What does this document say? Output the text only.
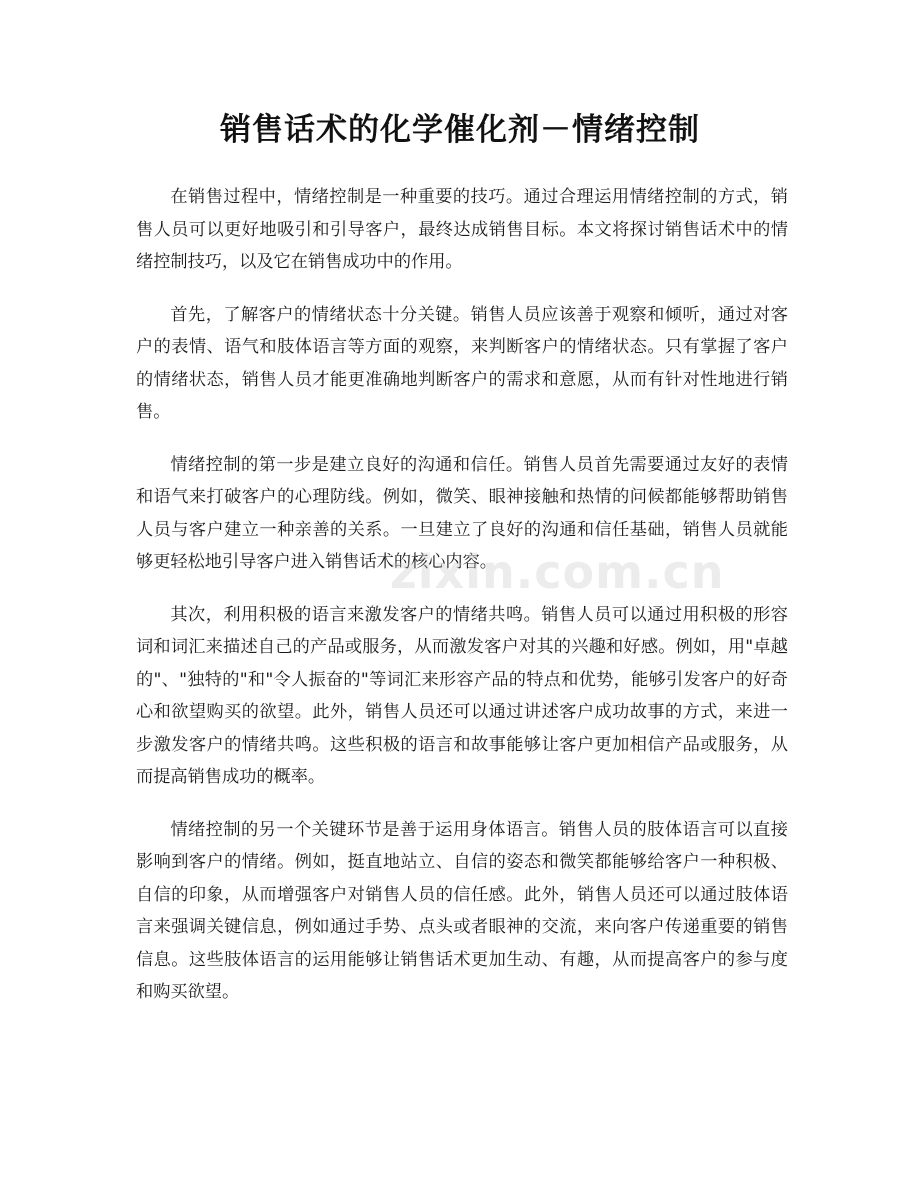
销售话术的化学催化剂－情绪控制

在销售过程中，情绪控制是一种重要的技巧。通过合理运用情绪控制的方式，销售人员可以更好地吸引和引导客户，最终达成销售目标。本文将探讨销售话术中的情绪控制技巧，以及它在销售成功中的作用。

首先，了解客户的情绪状态十分关键。销售人员应该善于观察和倾听，通过对客户的表情、语气和肢体语言等方面的观察，来判断客户的情绪状态。只有掌握了客户的情绪状态，销售人员才能更准确地判断客户的需求和意愿，从而有针对性地进行销售。

情绪控制的第一步是建立良好的沟通和信任。销售人员首先需要通过友好的表情和语气来打破客户的心理防线。例如，微笑、眼神接触和热情的问候都能够帮助销售人员与客户建立一种亲善的关系。一旦建立了良好的沟通和信任基础，销售人员就能够更轻松地引导客户进入销售话术的核心内容。

其次，利用积极的语言来激发客户的情绪共鸣。销售人员可以通过用积极的形容词和词汇来描述自己的产品或服务，从而激发客户对其的兴趣和好感。例如，用"卓越的"、"独特的"和"令人振奋的"等词汇来形容产品的特点和优势，能够引发客户的好奇心和欲望购买的欲望。此外，销售人员还可以通过讲述客户成功故事的方式，来进一步激发客户的情绪共鸣。这些积极的语言和故事能够让客户更加相信产品或服务，从而提高销售成功的概率。

情绪控制的另一个关键环节是善于运用身体语言。销售人员的肢体语言可以直接影响到客户的情绪。例如，挺直地站立、自信的姿态和微笑都能够给客户一种积极、自信的印象，从而增强客户对销售人员的信任感。此外，销售人员还可以通过肢体语言来强调关键信息，例如通过手势、点头或者眼神的交流，来向客户传递重要的销售信息。这些肢体语言的运用能够让销售话术更加生动、有趣，从而提高客户的参与度和购买欲望。

zixin.com.cn
